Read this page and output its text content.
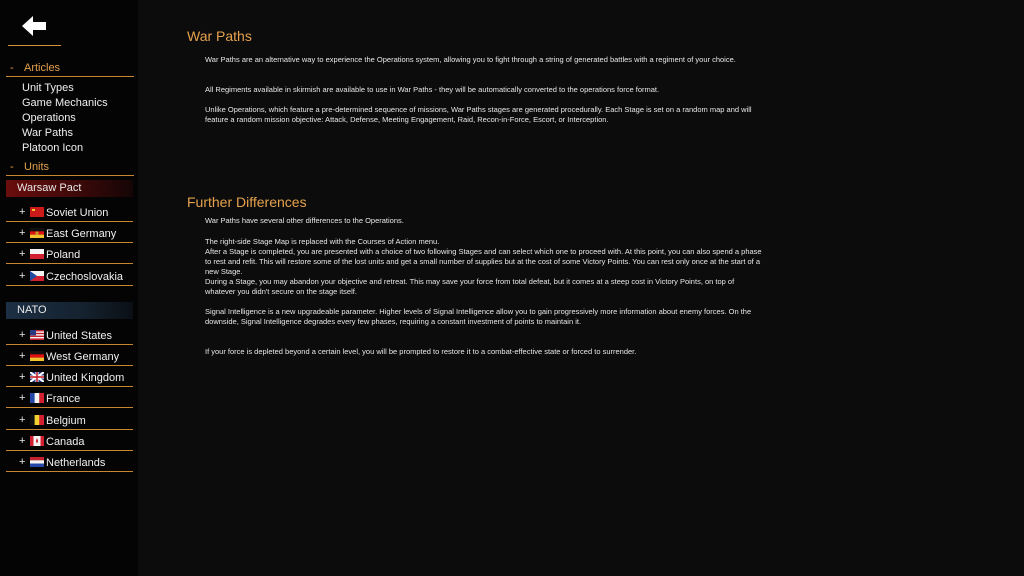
- Articles
Unit Types
Game Mechanics
Operations
War Paths
Platoon Icon
- Units
Warsaw Pact
+ Soviet Union
+ East Germany
+ Poland
+ Czechoslovakia
NATO
+ United States
+ West Germany
+ United Kingdom
+ France
+ Belgium
+ Canada
+ Netherlands
War Paths
War Paths are an alternative way to experience the Operations system, allowing you to fight through a string of generated battles with a regiment of your choice.
All Regiments available in skirmish are available to use in War Paths - they will be automatically converted to the operations force format.
Unlike Operations, which feature a pre-determined sequence of missions, War Paths stages are generated procedurally. Each Stage is set on a random map and will feature a random mission objective: Attack, Defense, Meeting Engagement, Raid, Recon-in-Force, Escort, or Interception.
Further Differences
War Paths have several other differences to the Operations.
The right-side Stage Map is replaced with the Courses of Action menu.
After a Stage is completed, you are presented with a choice of two following Stages and can select which one to proceed with. At this point, you can also spend a phase to rest and refit. This will restore some of the lost units and get a small number of supplies but at the cost of some Victory Points. You can rest only once at the start of a new Stage.
During a Stage, you may abandon your objective and retreat. This may save your force from total defeat, but it comes at a steep cost in Victory Points, on top of whatever you didn't secure on the stage itself.
Signal Intelligence is a new upgradeable parameter. Higher levels of Signal Intelligence allow you to gain progressively more information about enemy forces. On the downside, Signal Intelligence degrades every few phases, requiring a constant investment of points to maintain it.
If your force is depleted beyond a certain level, you will be prompted to restore it to a combat-effective state or forced to surrender.
